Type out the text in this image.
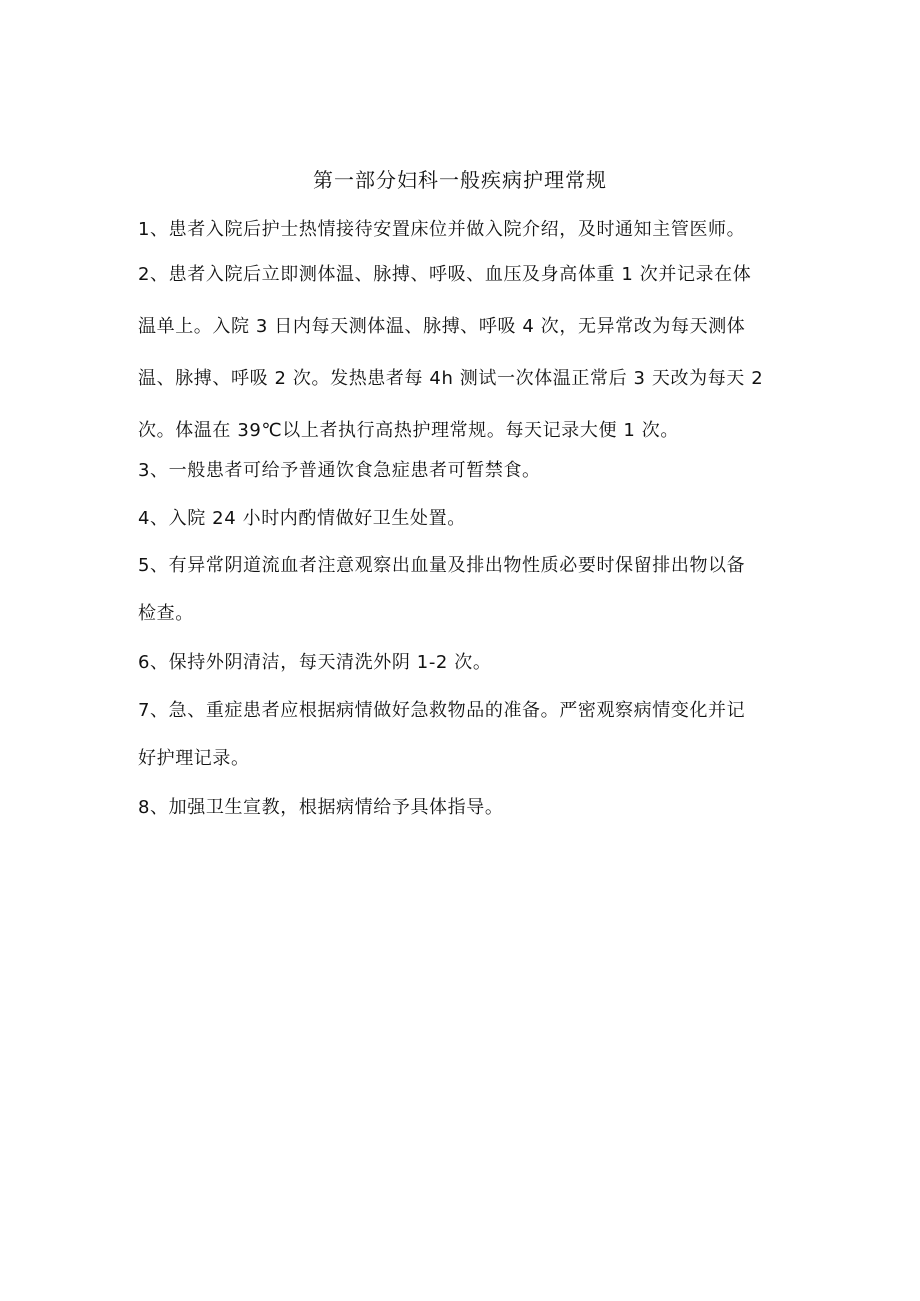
第一部分妇科一般疾病护理常规
1、患者入院后护士热情接待安置床位并做入院介绍，及时通知主管医师。
2、患者入院后立即测体温、脉搏、呼吸、血压及身高体重 1 次并记录在体
温单上。入院 3 日内每天测体温、脉搏、呼吸 4 次，无异常改为每天测体
温、脉搏、呼吸 2 次。发热患者每 4h 测试一次体温正常后 3 天改为每天 2
次。体温在 39℃以上者执行高热护理常规。每天记录大便 1 次。
3、一般患者可给予普通饮食急症患者可暂禁食。
4、入院 24 小时内酌情做好卫生处置。
5、有异常阴道流血者注意观察出血量及排出物性质必要时保留排出物以备
检查。
6、保持外阴清洁，每天清洗外阴 1-2 次。
7、急、重症患者应根据病情做好急救物品的准备。严密观察病情变化并记
好护理记录。
8、加强卫生宣教，根据病情给予具体指导。
